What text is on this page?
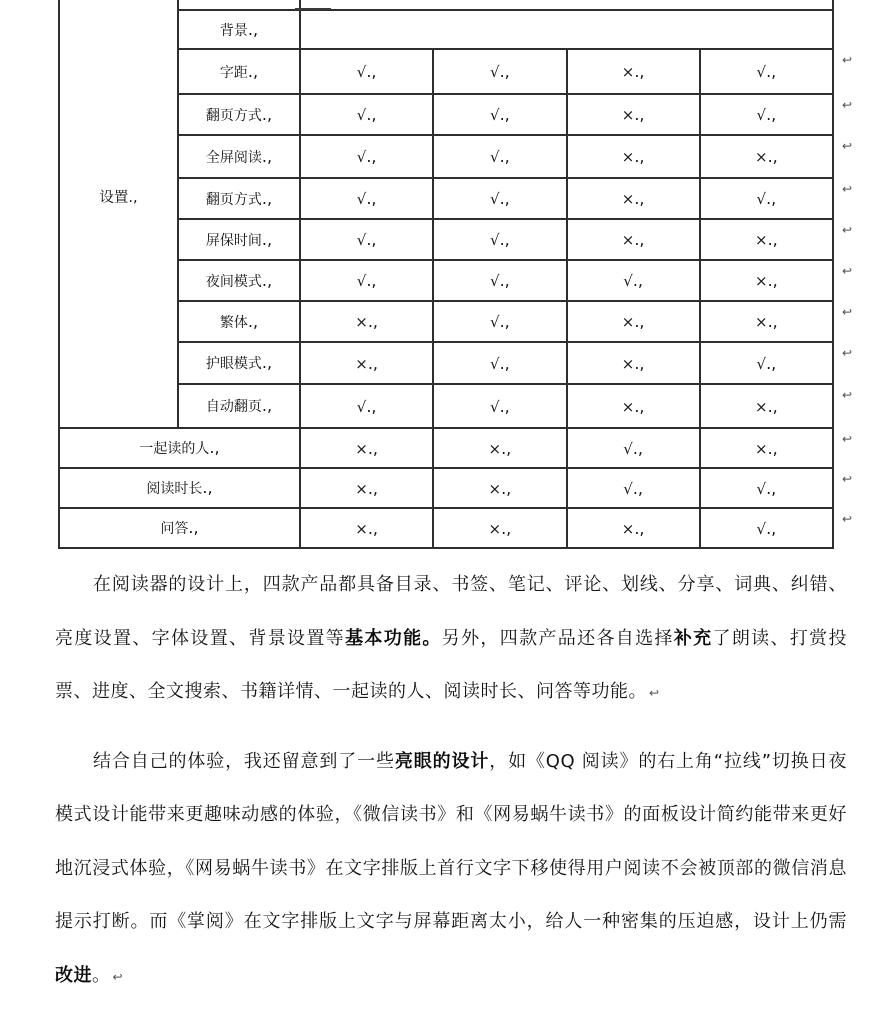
设置.,					
	背景.,				
	字距.,	√.,	√.,	×.,	√.,
↩

	翻页方式.,	√.,	√.,	×.,	√., ↩

	全屏阅读.,	√.,	√.,	×.,	×.,
↩

	翻页方式.,	√.,	√.,	×.,	√., ↩

	屏保时间.,	√.,	√.,	×.,	×., ↩

	夜间模式.,	√.,	√.,	√.,	×., ↩

	繁体.,	×.,	√.,	×.,	×., ↩

	护眼模式.,	×.,	√.,	×.,	√.,
↩

	自动翻页.,	√.,	√.,	×.,	×.,
↩

一起读的人.,		×.,	×.,	√.,	×., ↩

阅读时长.,		×.,	×.,	√.,	√., ↩

问答.,		×.,	×.,	×.,	√., ↩

在阅读器的设计上，四款产品都具备目录、书签、笔记、评论、划线、分享、词典、纠错、亮度设置、字体设置、背景设置等基本功能。另外，四款产品还各自选择补充了朗读、打赏投票、进度、全文搜索、书籍详情、一起读的人、阅读时长、问答等功能。 ↩

结合自己的体验，我还留意到了一些亮眼的设计，如《QQ 阅读》的右上角“拉线”切换日夜模式设计能带来更趣味动感的体验，《微信读书》和《网易蜗牛读书》的面板设计简约能带来更好地沉浸式体验，《网易蜗牛读书》在文字排版上首行文字下移使得用户阅读不会被顶部的微信消息提示打断。而《掌阅》在文字排版上文字与屏幕距离太小，给人一种密集的压迫感，设计上仍需改进。 ↩
